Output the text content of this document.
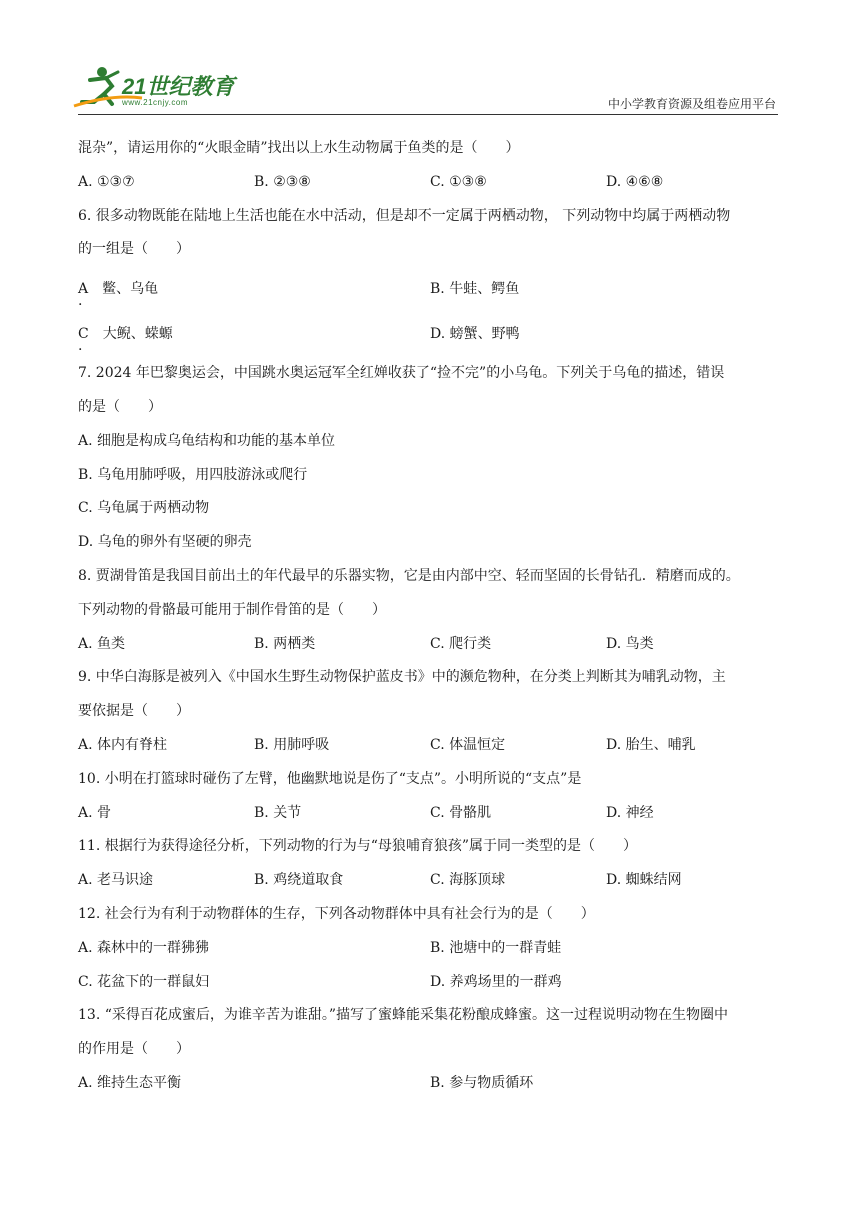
21世纪教育
www.21cnjy.com	中小学教育资源及组卷应用平台
混杂”，请运用你的“火眼金睛”找出以上水生动物属于鱼类的是（　　）
A. ①③⑦	B. ②③⑧	C. ①③⑧	D. ④⑥⑧
6. 很多动物既能在陆地上生活也能在水中活动，但是却不一定属于两栖动物， 下列动物中均属于两栖动物
的一组是（　　）
A　鳖、乌龟 .	B. 牛蛙、鳄鱼
C　大鲵、蝾螈 .	D. 螃蟹、野鸭
7. 2024 年巴黎奥运会，中国跳水奥运冠军全红婵收获了“捡不完”的小乌龟。下列关于乌龟的描述，错误
的是（　　）
A. 细胞是构成乌龟结构和功能的基本单位
B. 乌龟用肺呼吸，用四肢游泳或爬行
C. 乌龟属于两栖动物
D. 乌龟的卵外有坚硬的卵壳
8. 贾湖骨笛是我国目前出土的年代最早的乐器实物，它是由内部中空、轻而坚固的长骨钻孔．精磨而成的。
下列动物的骨骼最可能用于制作骨笛的是（　　）
A. 鱼类	B. 两栖类	C. 爬行类	D. 鸟类
9. 中华白海豚是被列入《中国水生野生动物保护蓝皮书》中的濒危物种，在分类上判断其为哺乳动物，主
要依据是（　　）
A. 体内有脊柱	B. 用肺呼吸	C. 体温恒定	D. 胎生、哺乳
10. 小明在打篮球时碰伤了左臂，他幽默地说是伤了“支点”。小明所说的“支点”是
A. 骨	B. 关节	C. 骨骼肌	D. 神经
11. 根据行为获得途径分析，下列动物的行为与“母狼哺育狼孩”属于同一类型的是（　　）
A. 老马识途	B. 鸡绕道取食	C. 海豚顶球	D. 蜘蛛结网
12. 社会行为有利于动物群体的生存，下列各动物群体中具有社会行为的是（　　）
A. 森林中的一群狒狒	B. 池塘中的一群青蛙
C. 花盆下的一群鼠妇	D. 养鸡场里的一群鸡
13. “采得百花成蜜后，为谁辛苦为谁甜。”描写了蜜蜂能采集花粉酿成蜂蜜。这一过程说明动物在生物圈中
的作用是（　　）
A. 维持生态平衡	B. 参与物质循环
